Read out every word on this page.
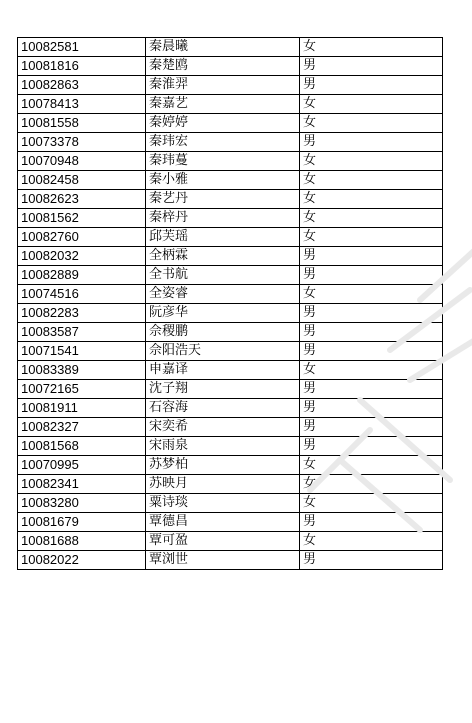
10082581	秦晨曦	女
10081816	秦楚鸥	男
10082863	秦淮羿	男
10078413	秦嘉艺	女
10081558	秦婷婷	女
10073378	秦玮宏	男
10070948	秦玮蔓	女
10082458	秦小雅	女
10082623	秦艺丹	女
10081562	秦梓丹	女
10082760	邱芙瑶	女
10082032	全柄霖	男
10082889	全书航	男
10074516	全姿睿	女
10082283	阮彦华	男
10083587	佘稷鹏	男
10071541	佘阳浩天	男
10083389	申嘉译	女
10072165	沈子翔	男
10081911	石容海	男
10082327	宋奕希	男
10081568	宋雨泉	男
10070995	苏梦柏	女
10082341	苏映月	女
10083280	粟诗琰	女
10081679	覃德昌	男
10081688	覃可盈	女
10082022	覃浏世	男
